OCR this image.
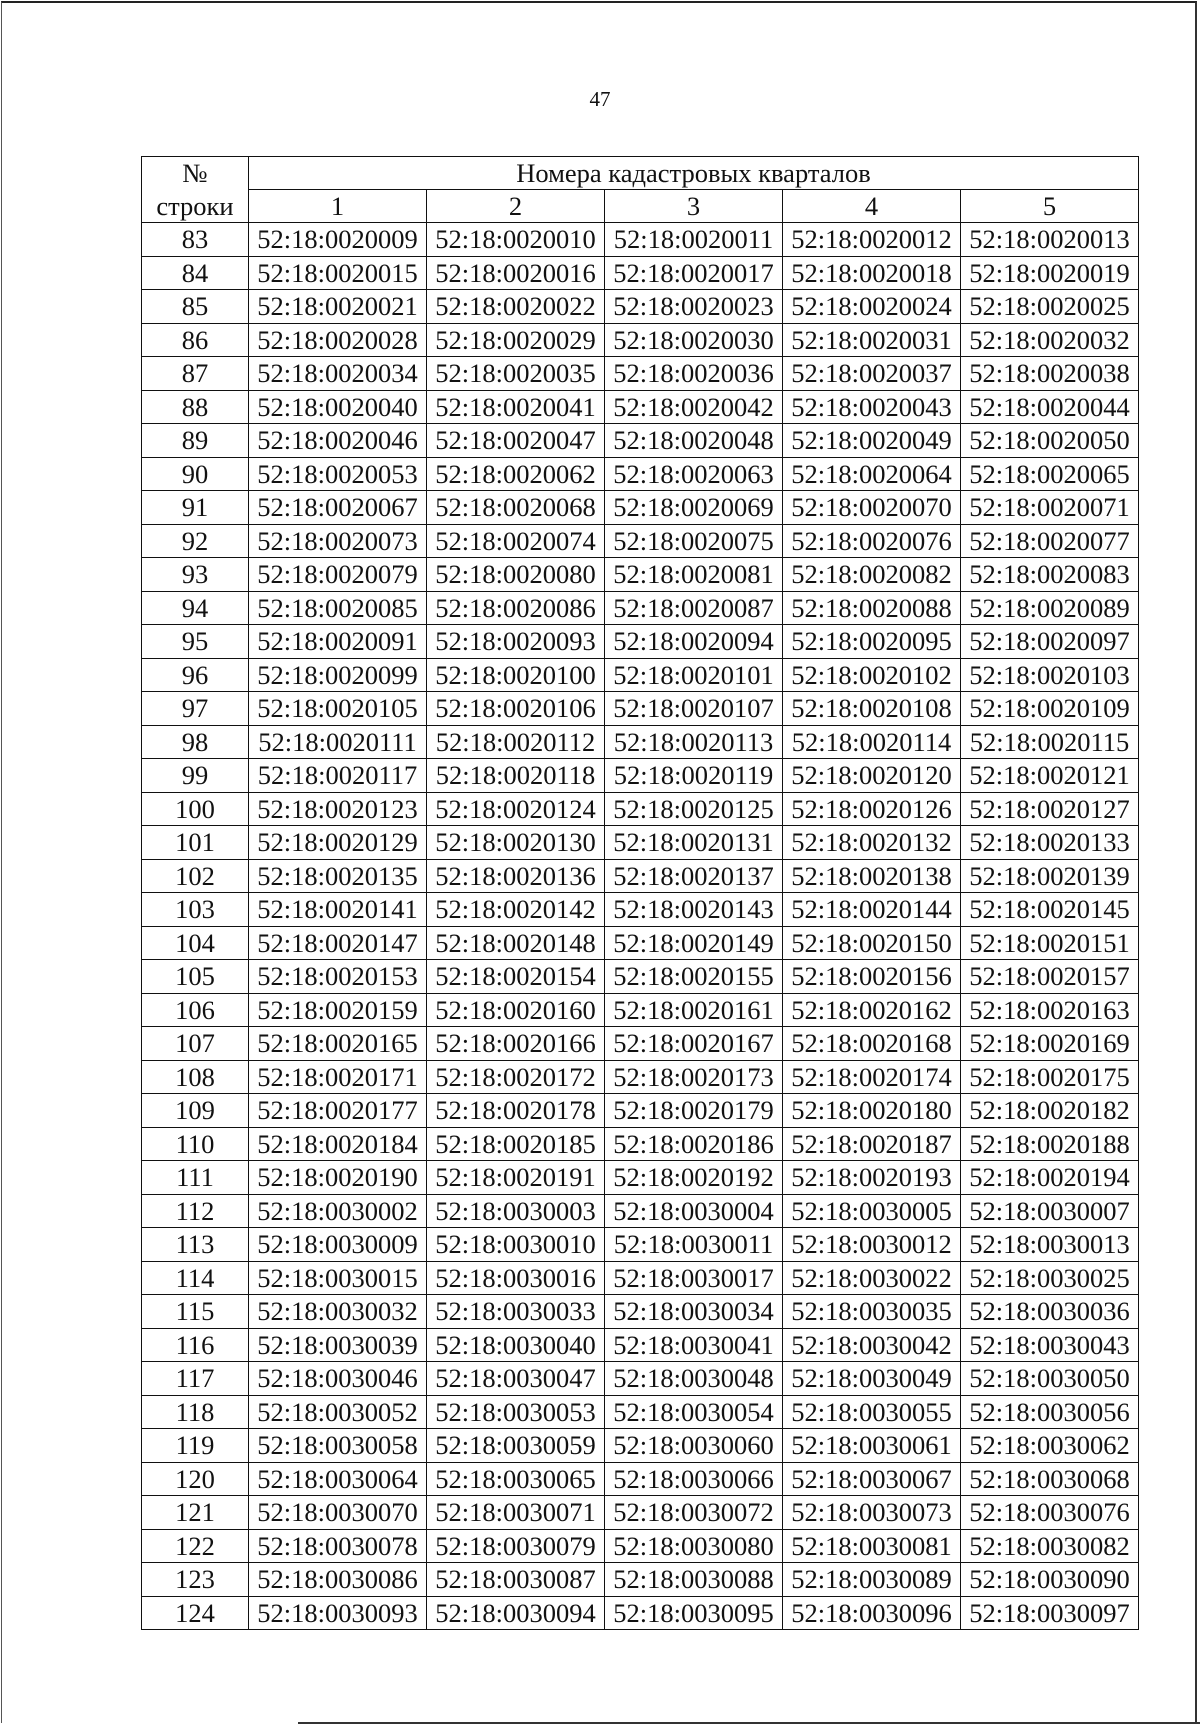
47
№	Номера кадастровых кварталов				
строки	1	2	3	4	5
83	52:18:0020009	52:18:0020010	52:18:0020011	52:18:0020012	52:18:0020013
84	52:18:0020015	52:18:0020016	52:18:0020017	52:18:0020018	52:18:0020019
85	52:18:0020021	52:18:0020022	52:18:0020023	52:18:0020024	52:18:0020025
86	52:18:0020028	52:18:0020029	52:18:0020030	52:18:0020031	52:18:0020032
87	52:18:0020034	52:18:0020035	52:18:0020036	52:18:0020037	52:18:0020038
88	52:18:0020040	52:18:0020041	52:18:0020042	52:18:0020043	52:18:0020044
89	52:18:0020046	52:18:0020047	52:18:0020048	52:18:0020049	52:18:0020050
90	52:18:0020053	52:18:0020062	52:18:0020063	52:18:0020064	52:18:0020065
91	52:18:0020067	52:18:0020068	52:18:0020069	52:18:0020070	52:18:0020071
92	52:18:0020073	52:18:0020074	52:18:0020075	52:18:0020076	52:18:0020077
93	52:18:0020079	52:18:0020080	52:18:0020081	52:18:0020082	52:18:0020083
94	52:18:0020085	52:18:0020086	52:18:0020087	52:18:0020088	52:18:0020089
95	52:18:0020091	52:18:0020093	52:18:0020094	52:18:0020095	52:18:0020097
96	52:18:0020099	52:18:0020100	52:18:0020101	52:18:0020102	52:18:0020103
97	52:18:0020105	52:18:0020106	52:18:0020107	52:18:0020108	52:18:0020109
98	52:18:0020111	52:18:0020112	52:18:0020113	52:18:0020114	52:18:0020115
99	52:18:0020117	52:18:0020118	52:18:0020119	52:18:0020120	52:18:0020121
100	52:18:0020123	52:18:0020124	52:18:0020125	52:18:0020126	52:18:0020127
101	52:18:0020129	52:18:0020130	52:18:0020131	52:18:0020132	52:18:0020133
102	52:18:0020135	52:18:0020136	52:18:0020137	52:18:0020138	52:18:0020139
103	52:18:0020141	52:18:0020142	52:18:0020143	52:18:0020144	52:18:0020145
104	52:18:0020147	52:18:0020148	52:18:0020149	52:18:0020150	52:18:0020151
105	52:18:0020153	52:18:0020154	52:18:0020155	52:18:0020156	52:18:0020157
106	52:18:0020159	52:18:0020160	52:18:0020161	52:18:0020162	52:18:0020163
107	52:18:0020165	52:18:0020166	52:18:0020167	52:18:0020168	52:18:0020169
108	52:18:0020171	52:18:0020172	52:18:0020173	52:18:0020174	52:18:0020175
109	52:18:0020177	52:18:0020178	52:18:0020179	52:18:0020180	52:18:0020182
110	52:18:0020184	52:18:0020185	52:18:0020186	52:18:0020187	52:18:0020188
111	52:18:0020190	52:18:0020191	52:18:0020192	52:18:0020193	52:18:0020194
112	52:18:0030002	52:18:0030003	52:18:0030004	52:18:0030005	52:18:0030007
113	52:18:0030009	52:18:0030010	52:18:0030011	52:18:0030012	52:18:0030013
114	52:18:0030015	52:18:0030016	52:18:0030017	52:18:0030022	52:18:0030025
115	52:18:0030032	52:18:0030033	52:18:0030034	52:18:0030035	52:18:0030036
116	52:18:0030039	52:18:0030040	52:18:0030041	52:18:0030042	52:18:0030043
117	52:18:0030046	52:18:0030047	52:18:0030048	52:18:0030049	52:18:0030050
118	52:18:0030052	52:18:0030053	52:18:0030054	52:18:0030055	52:18:0030056
119	52:18:0030058	52:18:0030059	52:18:0030060	52:18:0030061	52:18:0030062
120	52:18:0030064	52:18:0030065	52:18:0030066	52:18:0030067	52:18:0030068
121	52:18:0030070	52:18:0030071	52:18:0030072	52:18:0030073	52:18:0030076
122	52:18:0030078	52:18:0030079	52:18:0030080	52:18:0030081	52:18:0030082
123	52:18:0030086	52:18:0030087	52:18:0030088	52:18:0030089	52:18:0030090
124	52:18:0030093	52:18:0030094	52:18:0030095	52:18:0030096	52:18:0030097
